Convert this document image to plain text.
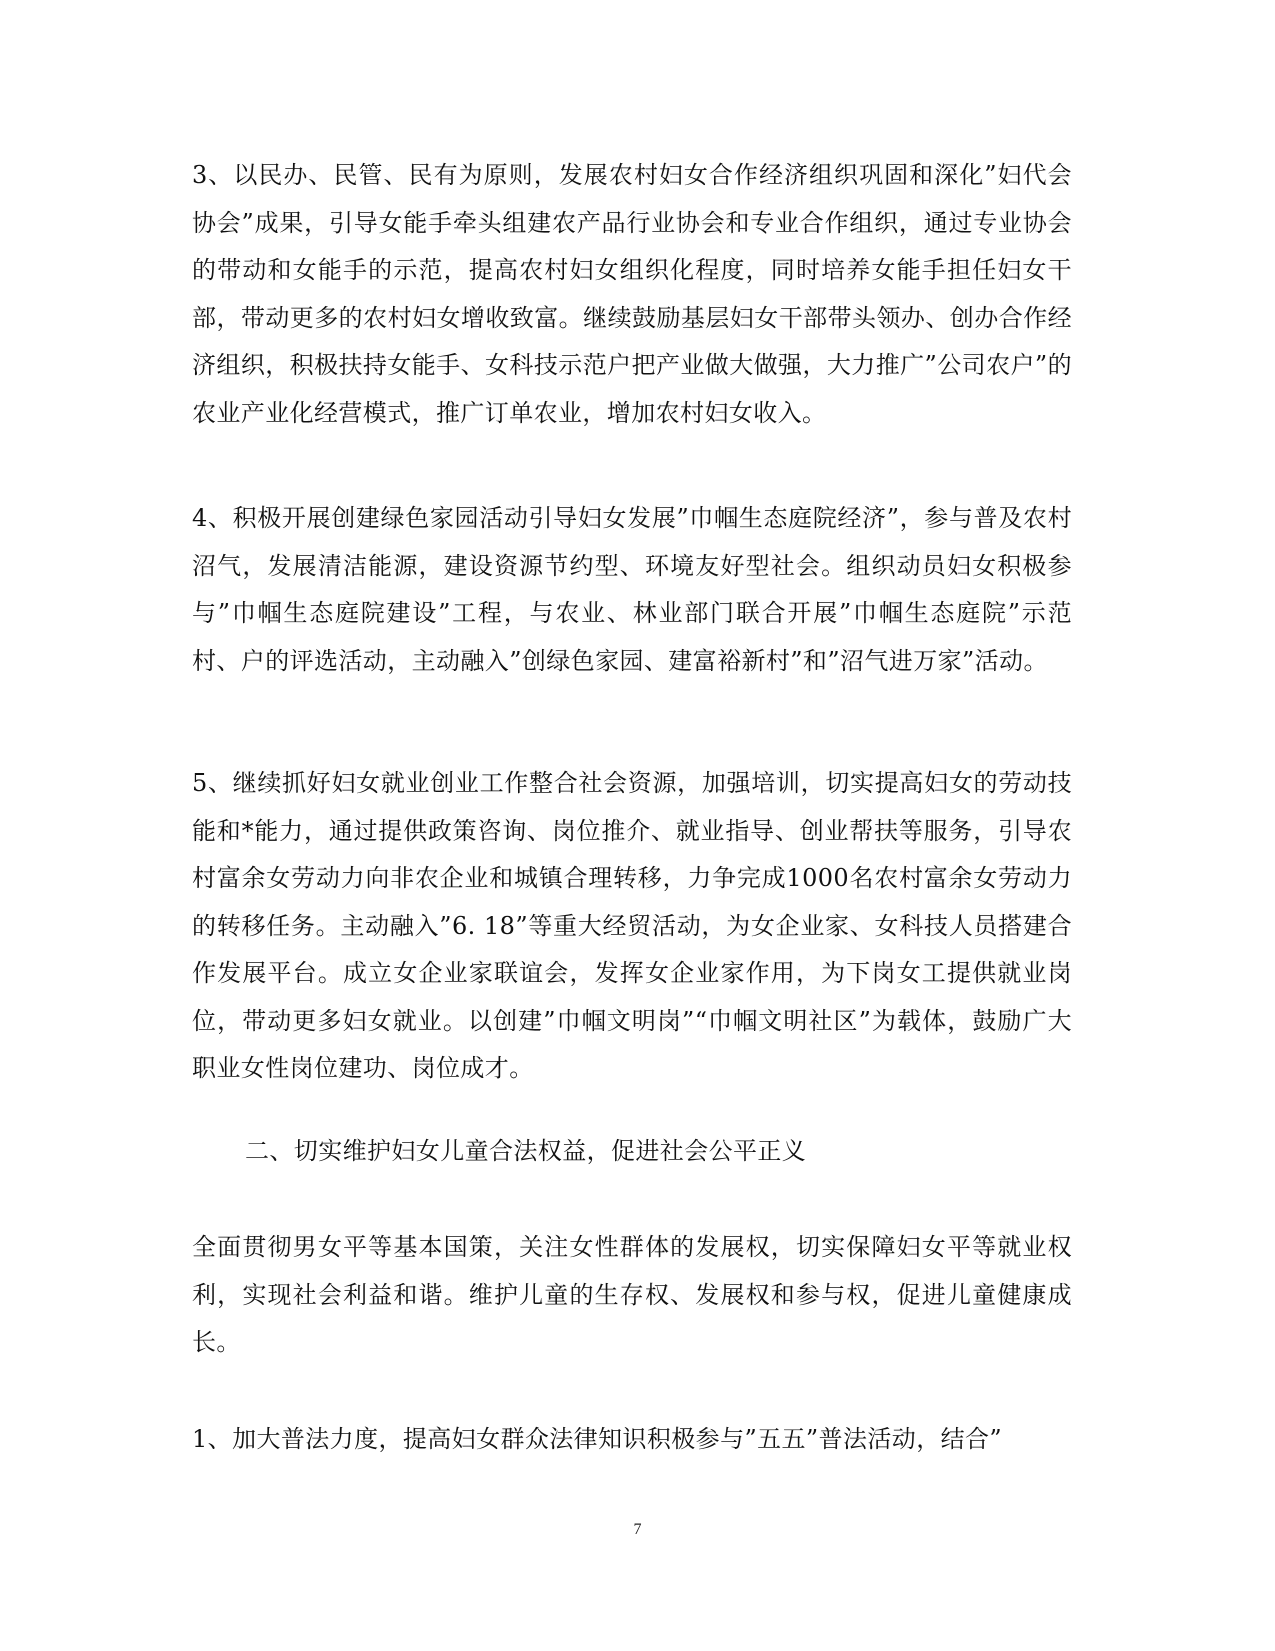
3、以民办、民管、民有为原则，发展农村妇女合作经济组织巩固和深化”妇代会协会”成果，引导女能手牵头组建农产品行业协会和专业合作组织，通过专业协会的带动和女能手的示范，提高农村妇女组织化程度，同时培养女能手担任妇女干部，带动更多的农村妇女增收致富。继续鼓励基层妇女干部带头领办、创办合作经济组织，积极扶持女能手、女科技示范户把产业做大做强，大力推广”公司农户”的农业产业化经营模式，推广订单农业，增加农村妇女收入。

4、积极开展创建绿色家园活动引导妇女发展”巾帼生态庭院经济”，参与普及农村沼气，发展清洁能源，建设资源节约型、环境友好型社会。组织动员妇女积极参与”巾帼生态庭院建设”工程，与农业、林业部门联合开展”巾帼生态庭院”示范村、户的评选活动，主动融入”创绿色家园、建富裕新村”和”沼气进万家”活动。

5、继续抓好妇女就业创业工作整合社会资源，加强培训，切实提高妇女的劳动技能和*能力，通过提供政策咨询、岗位推介、就业指导、创业帮扶等服务，引导农村富余女劳动力向非农企业和城镇合理转移，力争完成1000名农村富余女劳动力的转移任务。主动融入”6. 18”等重大经贸活动，为女企业家、女科技人员搭建合作发展平台。成立女企业家联谊会，发挥女企业家作用，为下岗女工提供就业岗位，带动更多妇女就业。以创建”巾帼文明岗”“巾帼文明社区”为载体，鼓励广大职业女性岗位建功、岗位成才。

二、切实维护妇女儿童合法权益，促进社会公平正义

全面贯彻男女平等基本国策，关注女性群体的发展权，切实保障妇女平等就业权利，实现社会利益和谐。维护儿童的生存权、发展权和参与权，促进儿童健康成长。

1、加大普法力度，提高妇女群众法律知识积极参与”五五”普法活动，结合”

7
